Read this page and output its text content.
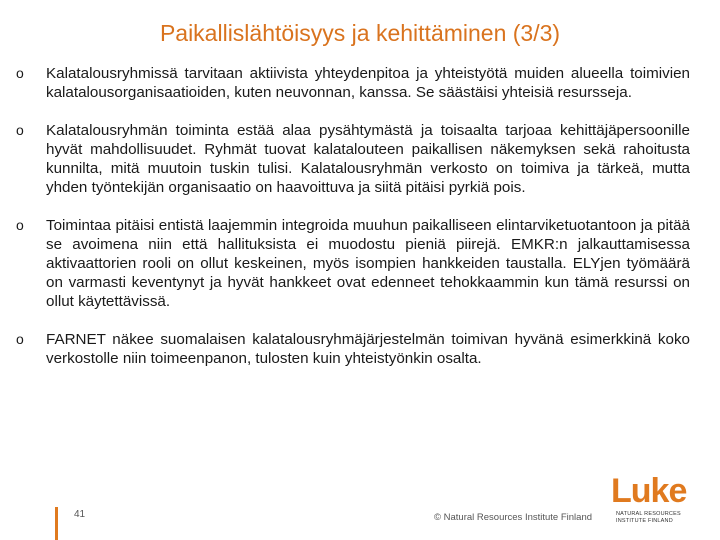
Paikallislähtöisyys ja kehittäminen (3/3)
o	Kalatalousryhmissä tarvitaan aktiivista yhteydenpitoa ja yhteistyötä muiden alueella toimivien kalatalousorganisaatioiden, kuten neuvonnan, kanssa. Se säästäisi yhteisiä resursseja.
o	Kalatalousryhmän toiminta estää alaa pysähtymästä ja toisaalta tarjoaa kehittäjäpersoonille hyvät mahdollisuudet. Ryhmät tuovat kalatalouteen paikallisen näkemyksen sekä rahoitusta kunnilta, mitä muutoin tuskin tulisi. Kalatalousryhmän verkosto on toimiva ja tärkeä, mutta yhden työntekijän organisaatio on haavoittuva ja siitä pitäisi pyrkiä pois.
o	Toimintaa pitäisi entistä laajemmin integroida muuhun paikalliseen elintarviketuotantoon ja pitää se avoimena niin että hallituksista ei muodostu pieniä piirejä. EMKR:n jalkauttamisessa aktivaattorien rooli on ollut keskeinen, myös isompien hankkeiden taustalla. ELYjen työmäärä on varmasti keventynyt ja hyvät hankkeet ovat edenneet tehokkaammin kun tämä resurssi on ollut käytettävissä.
o	FARNET näkee suomalaisen kalatalousryhmäjärjestelmän toimivan hyvänä esimerkkinä koko verkostolle niin toimeenpanon, tulosten kuin yhteistyönkin osalta.
41	© Natural Resources Institute Finland
Luke
NATURAL RESOURCES
INSTITUTE FINLAND
